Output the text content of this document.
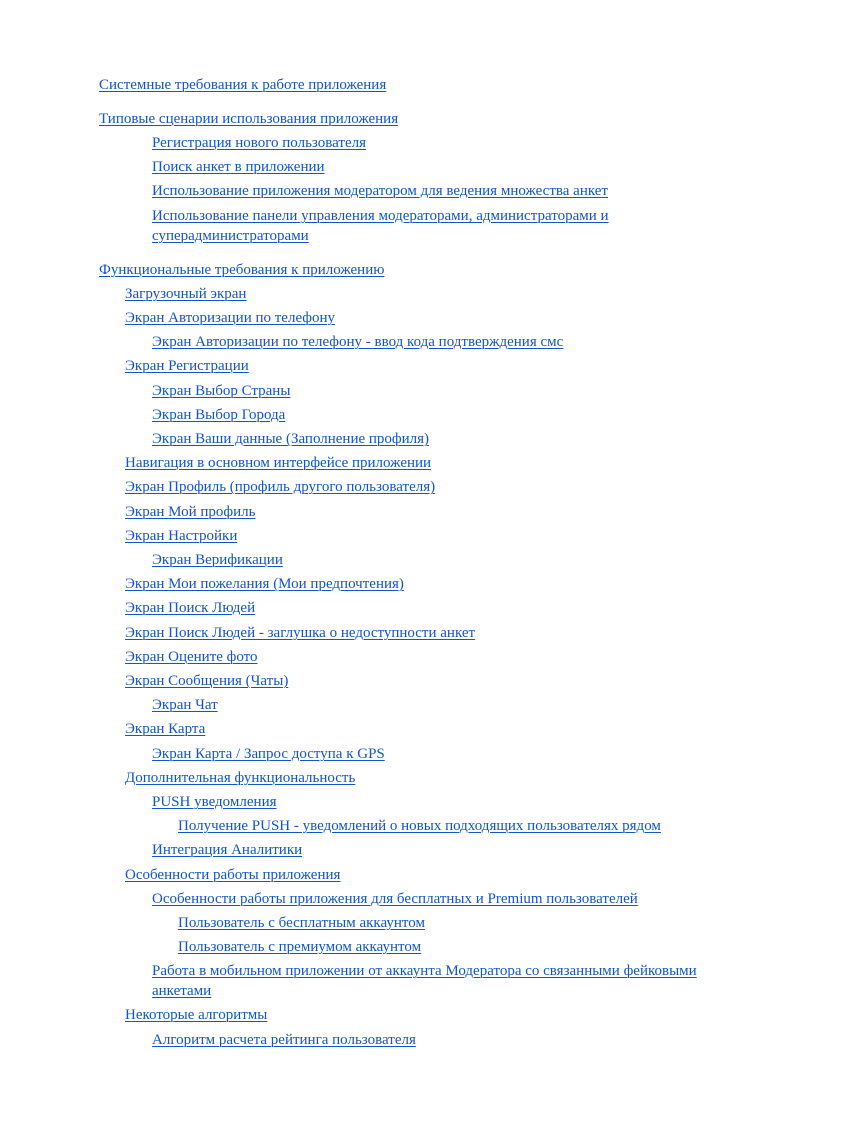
Системные требования к работе приложения
Типовые сценарии использования приложения
Регистрация нового пользователя
Поиск анкет в приложении
Использование приложения модератором для ведения множества анкет
Использование панели управления модераторами, администраторами и суперадминистраторами
Функциональные требования к приложению
Загрузочный экран
Экран Авторизации по телефону
Экран Авторизации по телефону - ввод кода подтверждения смс
Экран Регистрации
Экран Выбор Страны
Экран Выбор Города
Экран Ваши данные (Заполнение профиля)
Навигация в основном интерфейсе приложении
Экран Профиль (профиль другого пользователя)
Экран Мой профиль
Экран Настройки
Экран Верификации
Экран Мои пожелания (Мои предпочтения)
Экран Поиск Людей
Экран Поиск Людей - заглушка о недоступности анкет
Экран Оцените фото
Экран Сообщения (Чаты)
Экран Чат
Экран Карта
Экран Карта / Запрос доступа к GPS
Дополнительная функциональность
PUSH уведомления
Получение PUSH - уведомлений о новых подходящих пользователях рядом
Интеграция Аналитики
Особенности работы приложения
Особенности работы приложения для бесплатных и Premium пользователей
Пользователь с бесплатным аккаунтом
Пользователь с премиумом аккаунтом
Работа в мобильном приложении от аккаунта Модератора со связанными фейковыми анкетами
Некоторые алгоритмы
Алгоритм расчета рейтинга пользователя
